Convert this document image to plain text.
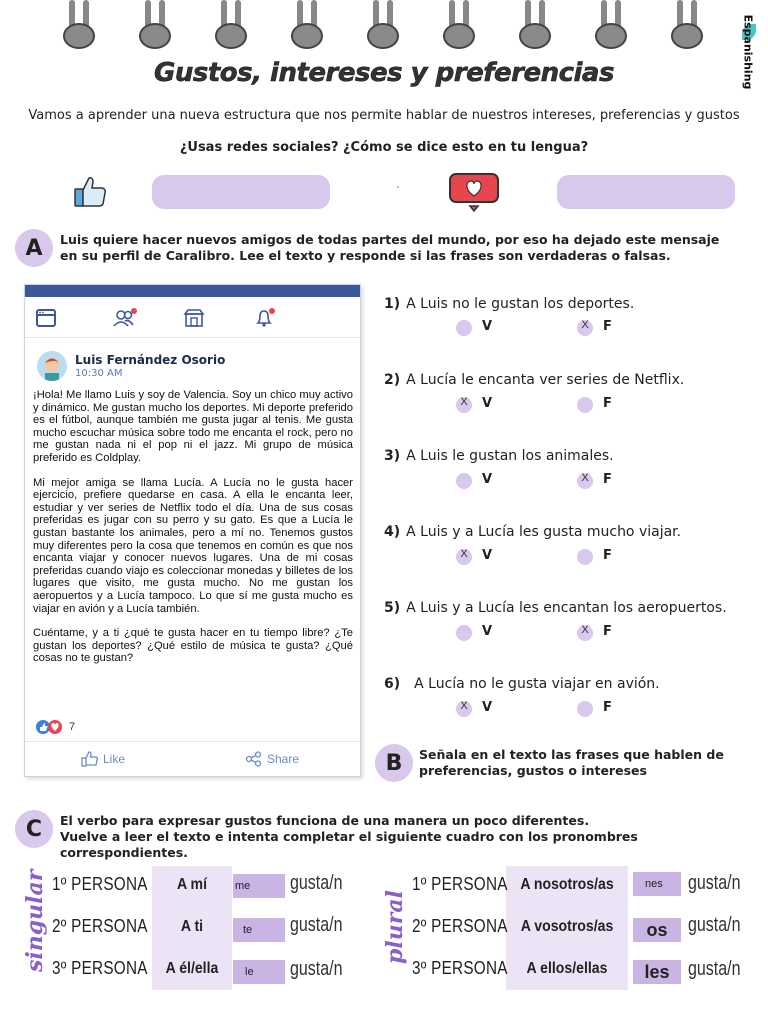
Espanishing
Gustos, intereses y preferencias
Vamos a aprender una nueva estructura que nos permite hablar de nuestros intereses, preferencias y gustos
¿Usas redes sociales? ¿Cómo se dice esto en tu lengua?
`
A	Luis quiere hacer nuevos amigos de todas partes del mundo, por eso ha dejado este mensaje
en su perfil de Caralibro. Lee el texto y responde si las frases son verdaderas o falsas.
Luis Fernández Osorio
10:30 AM

¡Hola! Me llamo Luis y soy de Valencia. Soy un chico muy activo y dinámico. Me gustan mucho los deportes. Mi deporte preferido es el fútbol, aunque también me gusta jugar al tenis. Me gusta mucho escuchar música sobre todo me encanta el rock, pero no me gustan nada ni el pop ni el jazz. Mi grupo de música preferido es Coldplay.

Mi mejor amiga se llama Lucía. A Lucía no le gusta hacer ejercicio, prefiere quedarse en casa. A ella le encanta leer, estudiar y ver series de Netflix todo el día. Una de sus cosas preferidas es jugar con su perro y su gato. Es que a Lucía le gustan bastante los animales, pero a mí no. Tenemos gustos muy diferentes pero la cosa que tenemos en común es que nos encanta viajar y conocer nuevos lugares. Una de mi cosas preferidas cuando viajo es coleccionar monedas y billetes de los lugares que visito, me gusta mucho. No me gustan los aeropuertos y a Lucía tampoco. Lo que sí me gusta mucho es viajar en avión y a Lucía también.

Cuéntame, y a ti ¿qué te gusta hacer en tu tiempo libre? ¿Te gustan los deportes? ¿Qué estilo de música te gusta? ¿Qué cosas no te gustan?

7
Like	Share
1) A Luis no le gustan los deportes.
V	X	F
2) A Lucía le encanta ver series de Netflix.
X	V	F
3) A Luis le gustan los animales.
V	X	F
4) A Luis y a Lucía les gusta mucho viajar.
X	V	F
5) A Luis y a Lucía les encantan los aeropuertos.
V	X	F
6) A Lucía no le gusta viajar en avión.
X	V	F
B	Señala en el texto las frases que hablen de
preferencias, gustos o intereses
C	El verbo para expresar gustos funciona de una manera un poco diferentes.
Vuelve a leer el texto e intenta completar el siguiente cuadro con los pronombres correspondientes.
singular 1º PERSONA	A mí	me gusta/n
2º PERSONA	A ti	te gusta/n
3º PERSONA	A él/ella	le gusta/n
plural
1º PERSONA A nosotros/as	nes gusta/n
2º PERSONA A vosotros/as	os gusta/n
3º PERSONA	A ellos/ellas	les gusta/n
